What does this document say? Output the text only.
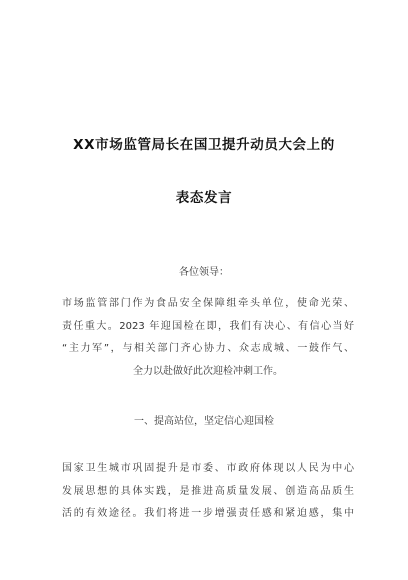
XX市场监管局长在国卫提升动员大会上的
表态发言
各位领导：
市场监管部门作为食品安全保障组牵头单位，使命光荣、
责任重大。2023 年迎国检在即，我们有决心、有信心当好
“主力军”，与相关部门齐心协力、众志成城、一鼓作气、
全力以赴做好此次迎检冲刺工作。
一、提高站位，坚定信心迎国检
国家卫生城市巩固提升是市委、市政府体现以人民为中心
发展思想的具体实践，是推进高质量发展、创造高品质生
活的有效途径。我们将进一步增强责任感和紧迫感，集中
